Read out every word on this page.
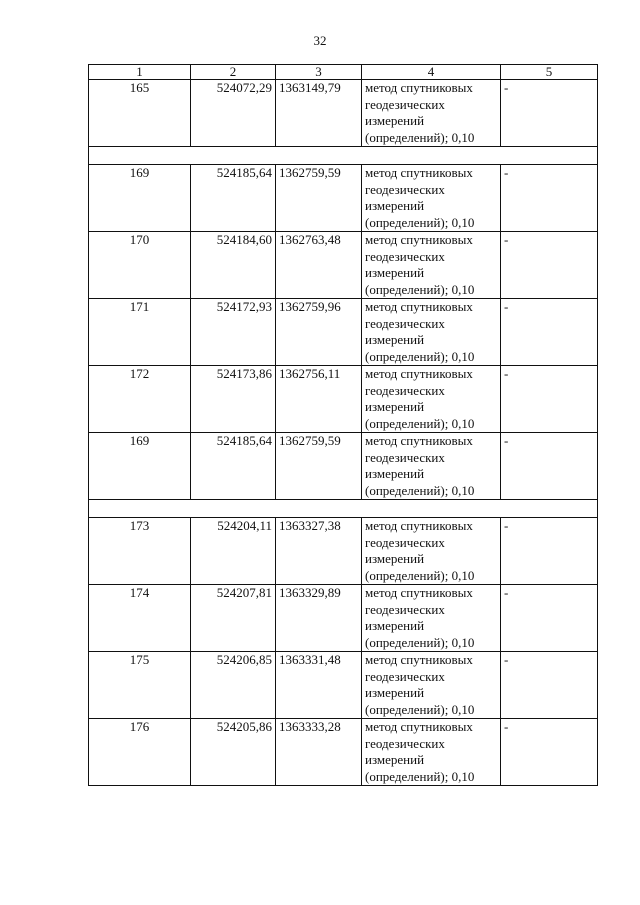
32
1	2	3	4	5
165	524072,29	1363149,79	метод спутниковых
геодезических
измерений
(определений); 0,10	-

169	524185,64	1362759,59	метод спутниковых
геодезических
измерений
(определений); 0,10	-
170	524184,60	1362763,48	метод спутниковых
геодезических
измерений
(определений); 0,10	-
171	524172,93	1362759,96	метод спутниковых
геодезических
измерений
(определений); 0,10	-
172	524173,86	1362756,11	метод спутниковых
геодезических
измерений
(определений); 0,10	-
169	524185,64	1362759,59	метод спутниковых
геодезических
измерений
(определений); 0,10	-

173	524204,11	1363327,38	метод спутниковых
геодезических
измерений
(определений); 0,10	-
174	524207,81	1363329,89	метод спутниковых
геодезических
измерений
(определений); 0,10	-
175	524206,85	1363331,48	метод спутниковых
геодезических
измерений
(определений); 0,10	-
176	524205,86	1363333,28	метод спутниковых
геодезических
измерений
(определений); 0,10	-
